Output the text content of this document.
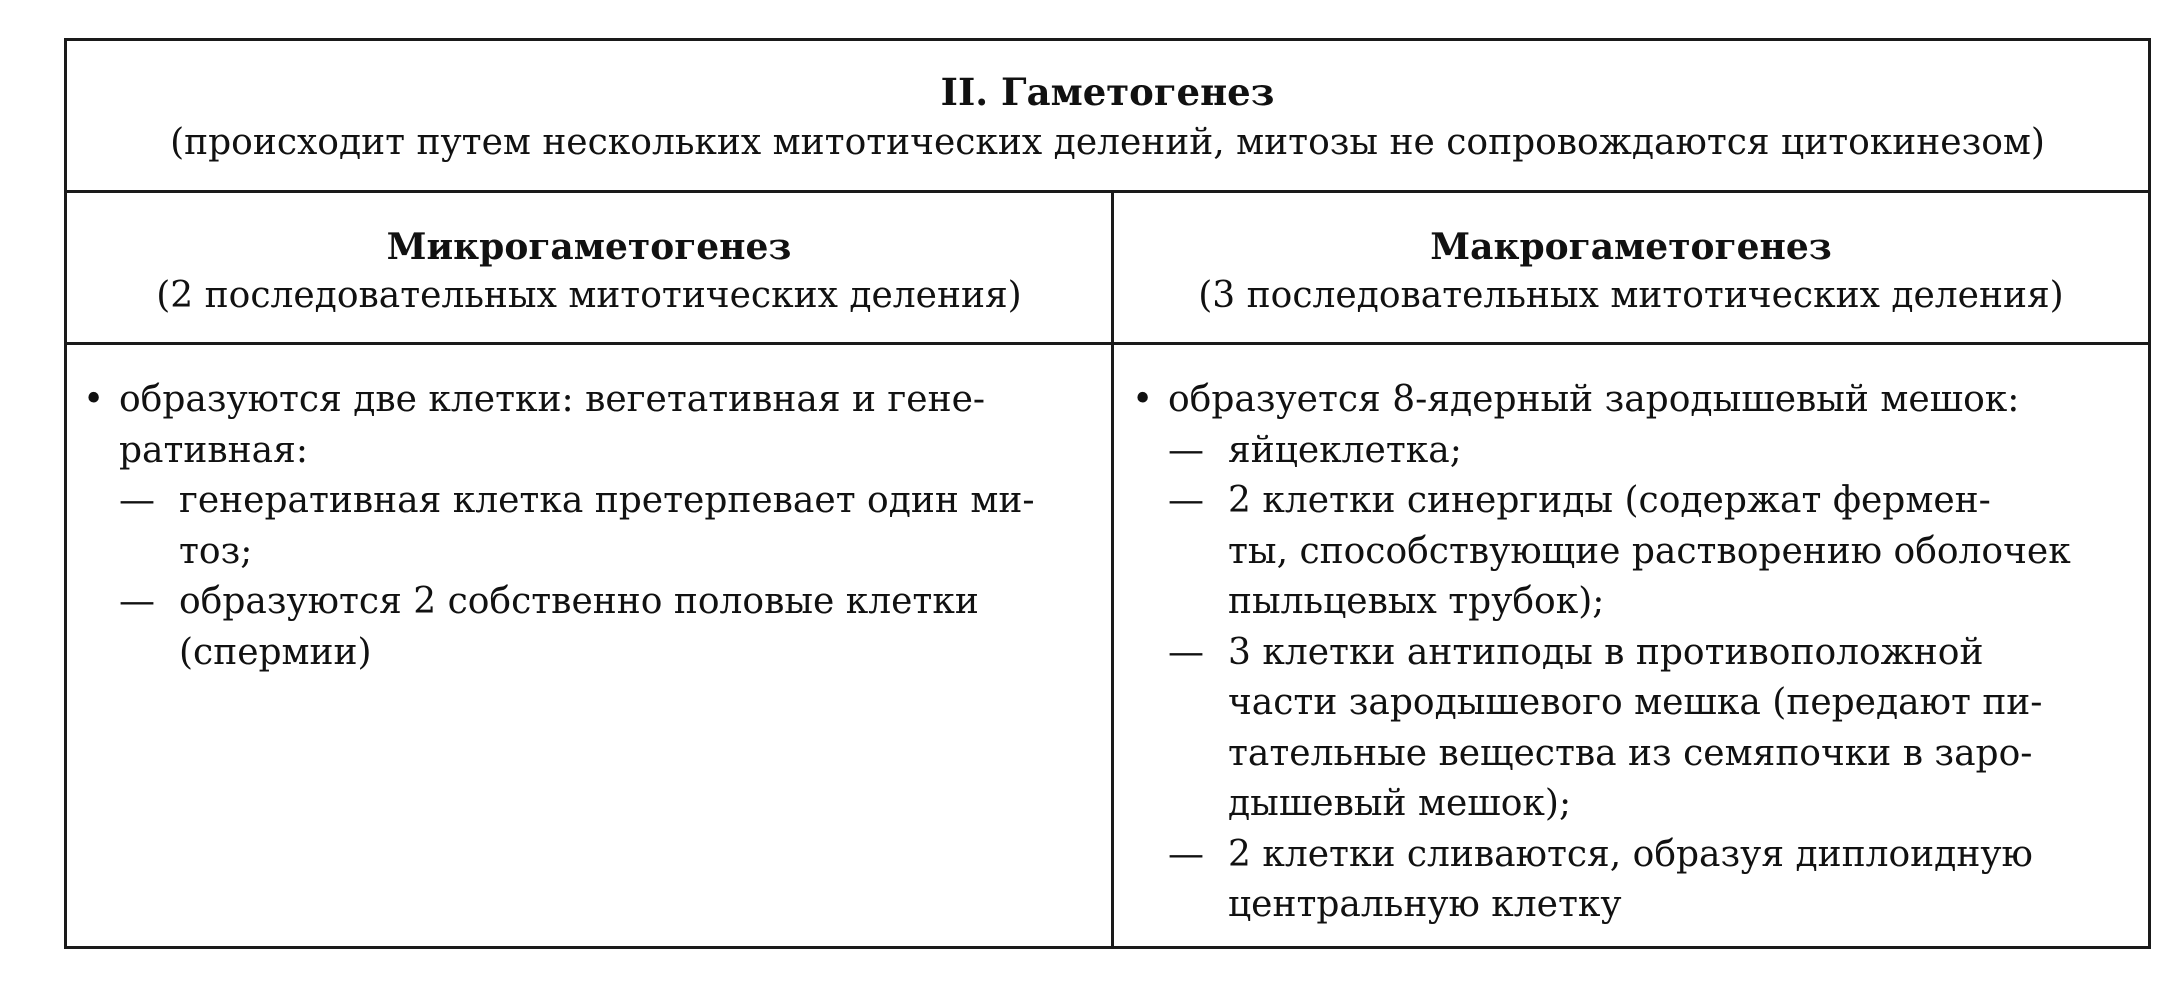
II. Гаметогенез
(происходит путем нескольких митотических делений, митозы не сопровождаются цитокинезом)
Микрогаметогенез
(2 последовательных митотических деления)
Макрогаметогенез
(3 последовательных митотических деления)
• образуются две клетки: вегетативная и гене-
ративная:
— генеративная клетка претерпевает один ми-
тоз;
— образуются 2 собственно половые клетки
(спермии)
• образуется 8-ядерный зародышевый мешок:
— яйцеклетка;
— 2 клетки синергиды (содержат фермен-
ты, способствующие растворению оболочек
пыльцевых трубок);
— 3 клетки антиподы в противоположной
части зародышевого мешка (передают пи-
тательные вещества из семяпочки в заро-
дышевый мешок);
— 2 клетки сливаются, образуя диплоидную
центральную клетку
